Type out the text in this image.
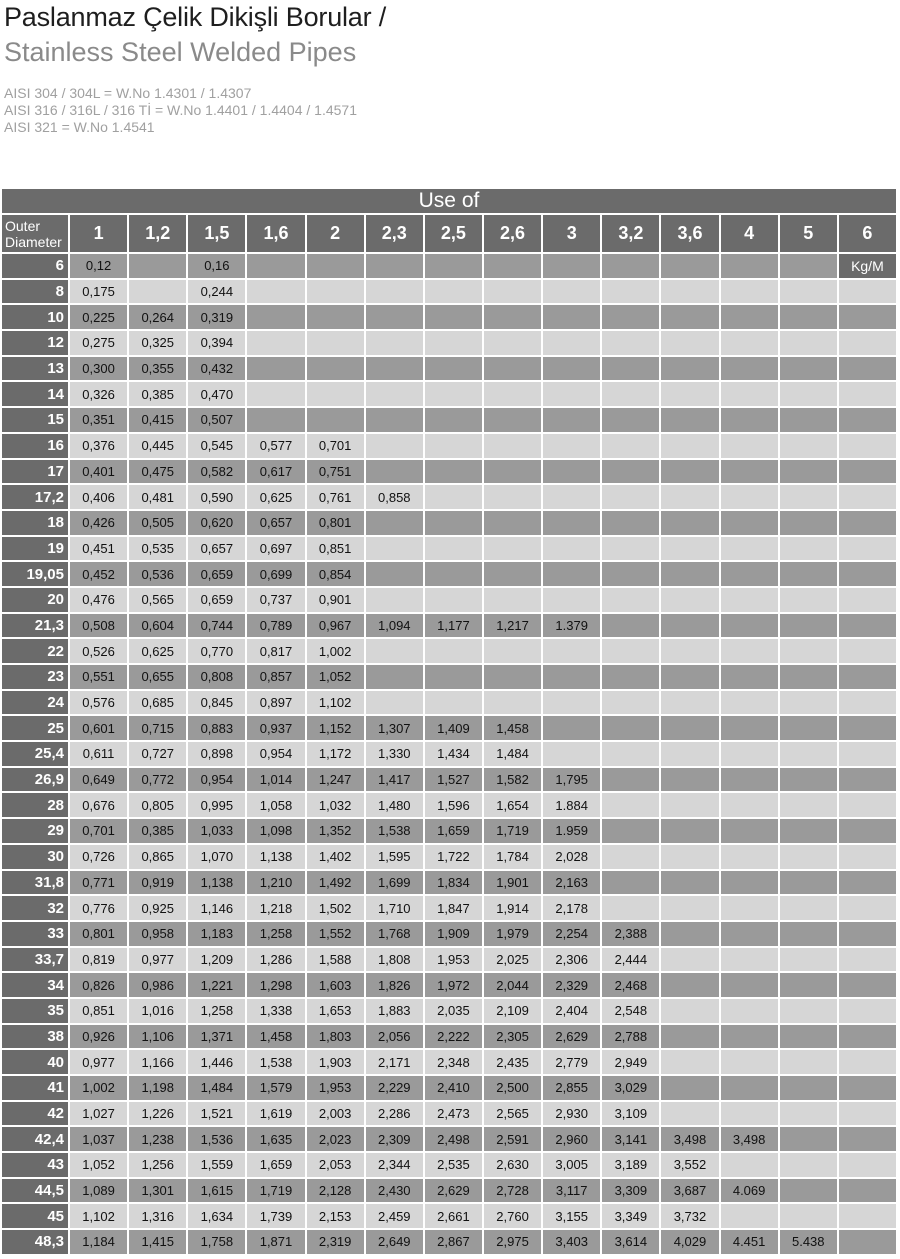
Paslanmaz Çelik Dikişli Borular /
Stainless Steel Welded Pipes
AISI 304 / 304L = W.No 1.4301 / 1.4307
AISI 316 / 316L / 316 Tİ = W.No 1.4401 / 1.4404 / 1.4571
AISI 321 = W.No 1.4541
Use of														

Outer
Diameter	1	1,2	1,5	1,6	2	2,3	2,5	2,6	3	3,2	3,6	4	5	6
6	0,12		0,16											Kg/M
8	0,175		0,244											
10	0,225	0,264	0,319											
12	0,275	0,325	0,394											
13	0,300	0,355	0,432											
14	0,326	0,385	0,470											
15	0,351	0,415	0,507											
16	0,376	0,445	0,545	0,577	0,701									
17	0,401	0,475	0,582	0,617	0,751									
17,2	0,406	0,481	0,590	0,625	0,761	0,858								
18	0,426	0,505	0,620	0,657	0,801									
19	0,451	0,535	0,657	0,697	0,851									
19,05	0,452	0,536	0,659	0,699	0,854									
20	0,476	0,565	0,659	0,737	0,901									
21,3	0,508	0,604	0,744	0,789	0,967	1,094	1,177	1,217	1.379					
22	0,526	0,625	0,770	0,817	1,002									
23	0,551	0,655	0,808	0,857	1,052									
24	0,576	0,685	0,845	0,897	1,102									
25	0,601	0,715	0,883	0,937	1,152	1,307	1,409	1,458						
25,4	0,611	0,727	0,898	0,954	1,172	1,330	1,434	1,484						
26,9	0,649	0,772	0,954	1,014	1,247	1,417	1,527	1,582	1,795					
28	0,676	0,805	0,995	1,058	1,032	1,480	1,596	1,654	1.884					
29	0,701	0,385	1,033	1,098	1,352	1,538	1,659	1,719	1.959					
30	0,726	0,865	1,070	1,138	1,402	1,595	1,722	1,784	2,028					
31,8	0,771	0,919	1,138	1,210	1,492	1,699	1,834	1,901	2,163					
32	0,776	0,925	1,146	1,218	1,502	1,710	1,847	1,914	2,178					
33	0,801	0,958	1,183	1,258	1,552	1,768	1,909	1,979	2,254	2,388				
33,7	0,819	0,977	1,209	1,286	1,588	1,808	1,953	2,025	2,306	2,444				
34	0,826	0,986	1,221	1,298	1,603	1,826	1,972	2,044	2,329	2,468				
35	0,851	1,016	1,258	1,338	1,653	1,883	2,035	2,109	2,404	2,548				
38	0,926	1,106	1,371	1,458	1,803	2,056	2,222	2,305	2,629	2,788				
40	0,977	1,166	1,446	1,538	1,903	2,171	2,348	2,435	2,779	2,949				
41	1,002	1,198	1,484	1,579	1,953	2,229	2,410	2,500	2,855	3,029				
42	1,027	1,226	1,521	1,619	2,003	2,286	2,473	2,565	2,930	3,109				
42,4	1,037	1,238	1,536	1,635	2,023	2,309	2,498	2,591	2,960	3,141	3,498	3,498		
43	1,052	1,256	1,559	1,659	2,053	2,344	2,535	2,630	3,005	3,189	3,552			
44,5	1,089	1,301	1,615	1,719	2,128	2,430	2,629	2,728	3,117	3,309	3,687	4.069		
45	1,102	1,316	1,634	1,739	2,153	2,459	2,661	2,760	3,155	3,349	3,732			
48,3	1,184	1,415	1,758	1,871	2,319	2,649	2,867	2,975	3,403	3,614	4,029	4.451	5.438	
